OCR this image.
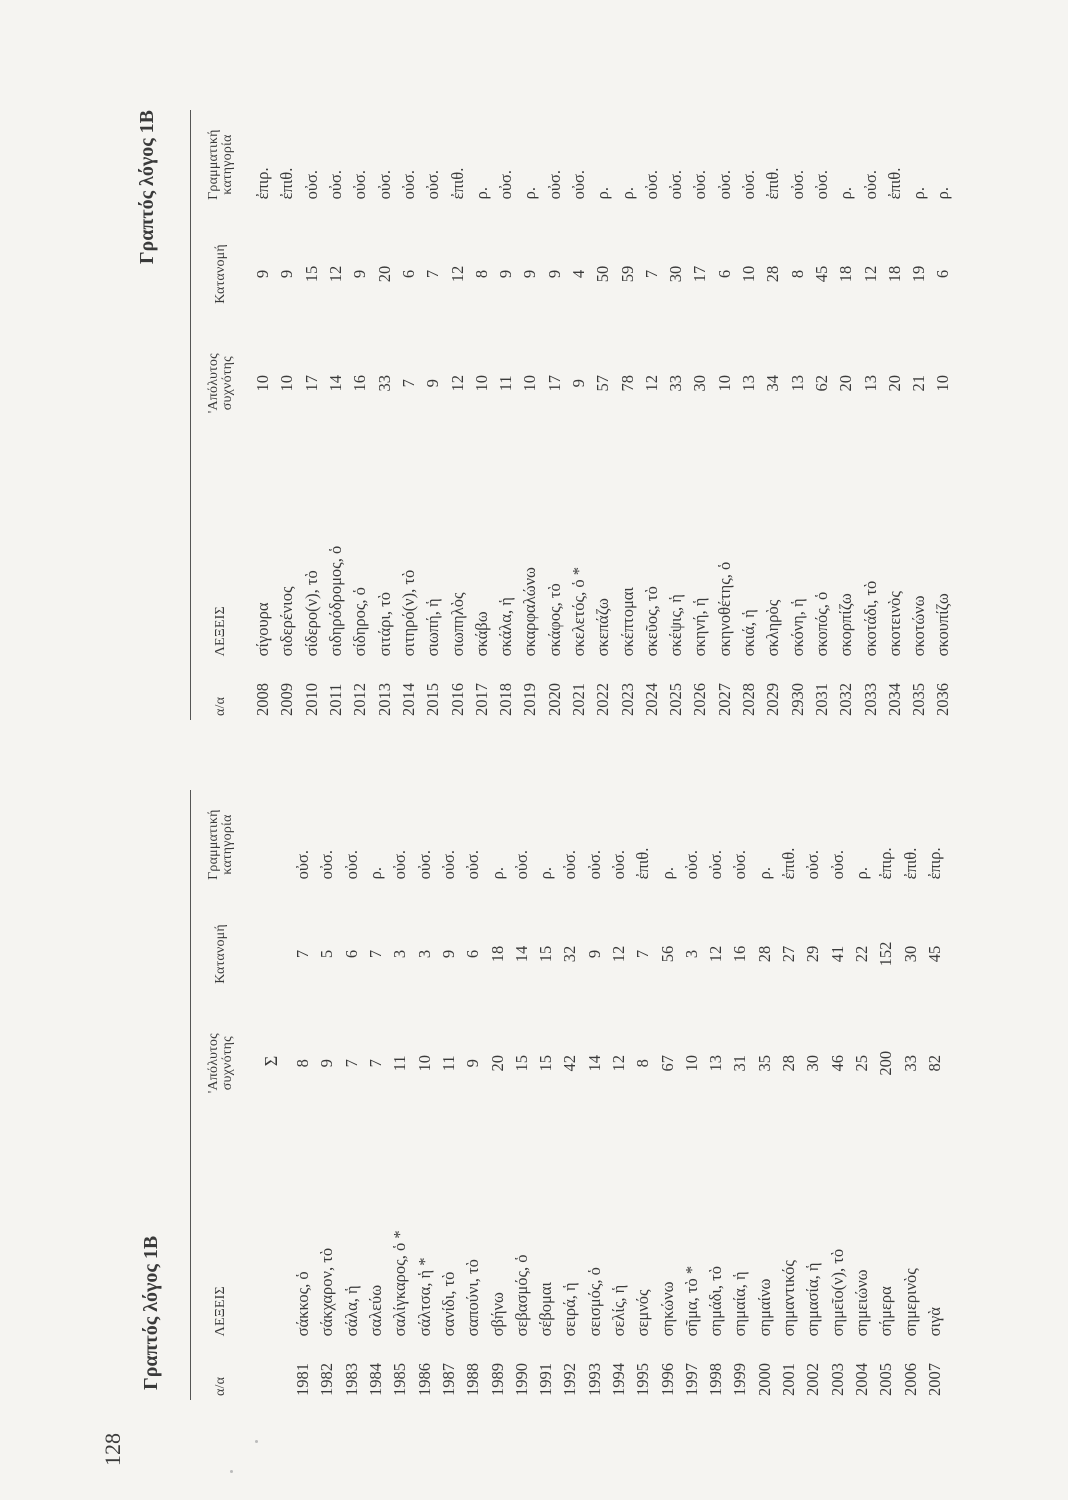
128
Γραπτός λόγος 1Β
Γραπτός λόγος 1Β
α/α
ΛΕΞΕΙΣ
'Απόλυτος
συχνότης
Κατανομή
Γραμματική
κατηγορία
Σ
1981
σάκκος, ὁ
8
7
οὐσ.
1982
σάκχαρον, τὸ
9
5
οὐσ.
1983
σάλα, ἡ
7
6
οὐσ.
1984
σαλεύω
7
7
ρ.
1985
σαλίγκαρος, ὁ *
11
3
οὐσ.
1986
σάλτσα, ἡ *
10
3
οὐσ.
1987
σανίδι, τὸ
11
9
οὐσ.
1988
σαπούνι, τὸ
9
6
οὐσ.
1989
σβήνω
20
18
ρ.
1990
σεβασμός, ὁ
15
14
οὐσ.
1991
σέβομαι
15
15
ρ.
1992
σειρά, ἡ
42
32
οὐσ.
1993
σεισμός, ὁ
14
9
οὐσ.
1994
σελίς, ἡ
12
12
οὐσ.
1995
σεμνός
8
7
ἐπιθ.
1996
σηκώνω
67
56
ρ.
1997
σῆμα, τὸ *
10
3
οὐσ.
1998
σημάδι, τὸ
13
12
οὐσ.
1999
σημαία, ἡ
31
16
οὐσ.
2000
σημαίνω
35
28
ρ.
2001
σημαντικός
28
27
ἐπιθ.
2002
σημασία, ἡ
30
29
οὐσ.
2003
σημεῖο(ν), τὸ
46
41
οὐσ.
2004
σημειώνω
25
22
ρ.
2005
σήμερα
200
152
ἐπιρ.
2006
σημερινὸς
33
30
ἐπιθ.
2007
σιγὰ
82
45
ἐπιρ.
α/α
ΛΕΞΕΙΣ
'Απόλυτος
συχνότης
Κατανομή
Γραμματική
κατηγορία
2008
σίγουρα
10
9
ἐπιρ.
2009
σιδερένιος
10
9
ἐπιθ.
2010
σίδερο(ν), τὸ
17
15
οὐσ.
2011
σιδηρόδρομος, ὁ
14
12
οὐσ.
2012
σίδηρος, ὁ
16
9
οὐσ.
2013
σιτάρι, τὸ
33
20
οὐσ.
2014
σιτηρό(ν), τὸ
7
6
οὐσ.
2015
σιωπή, ἡ
9
7
οὐσ.
2016
σιωπηλὸς
12
12
ἐπιθ.
2017
σκάβω
10
8
ρ.
2018
σκάλα, ἡ
11
9
οὐσ.
2019
σκαρφαλώνω
10
9
ρ.
2020
σκάφος, τὸ
17
9
οὐσ.
2021
σκελετός, ὁ *
9
4
οὐσ.
2022
σκεπάζω
57
50
ρ.
2023
σκέπτομαι
78
59
ρ.
2024
σκεῦος, τὸ
12
7
οὐσ.
2025
σκέψις, ἡ
33
30
οὐσ.
2026
σκηνή, ἡ
30
17
οὐσ.
2027
σκηνοθέτης, ὁ
10
6
οὐσ.
2028
σκιά, ἡ
13
10
οὐσ.
2029
σκληρὸς
34
28
ἐπιθ.
2930
σκόνη, ἡ
13
8
οὐσ.
2031
σκοπός, ὁ
62
45
οὐσ.
2032
σκορπίζω
20
18
ρ.
2033
σκοτάδι, τὸ
13
12
οὐσ.
2034
σκοτεινὸς
20
18
ἐπιθ.
2035
σκοτώνω
21
19
ρ.
2036
σκουπίζω
10
6
ρ.
